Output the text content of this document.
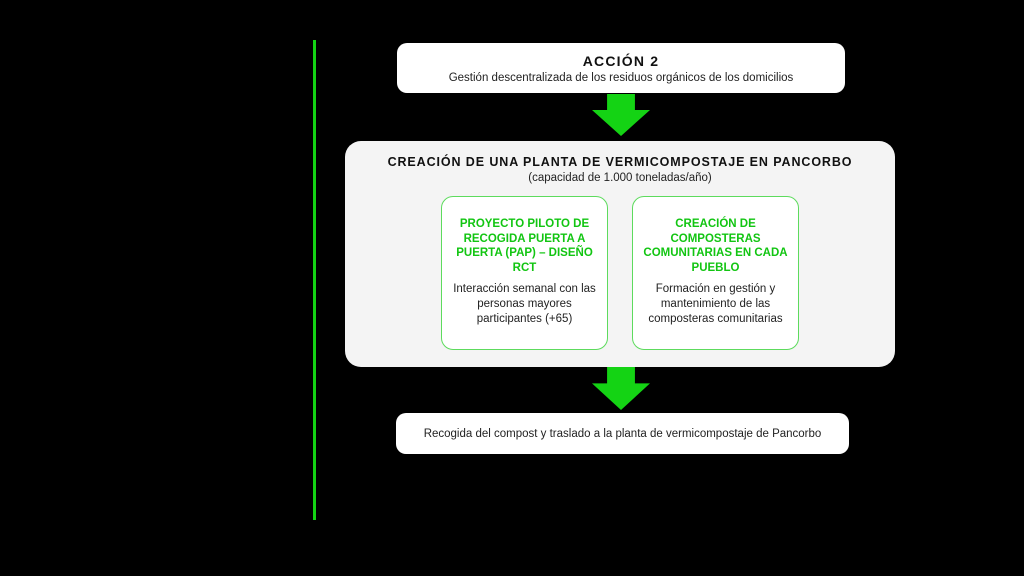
ACCIÓN 2
Gestión descentralizada de los residuos orgánicos de los domicilios
CREACIÓN DE UNA PLANTA DE VERMICOMPOSTAJE EN PANCORBO
(capacidad de 1.000 toneladas/año)
PROYECTO PILOTO DE RECOGIDA PUERTA A PUERTA (PAP) – DISEÑO RCT
Interacción semanal con las personas mayores participantes (+65)
CREACIÓN DE COMPOSTERAS COMUNITARIAS EN CADA PUEBLO
Formación en gestión y mantenimiento de las composteras comunitarias
Recogida del compost y traslado a la planta de vermicompostaje de Pancorbo
